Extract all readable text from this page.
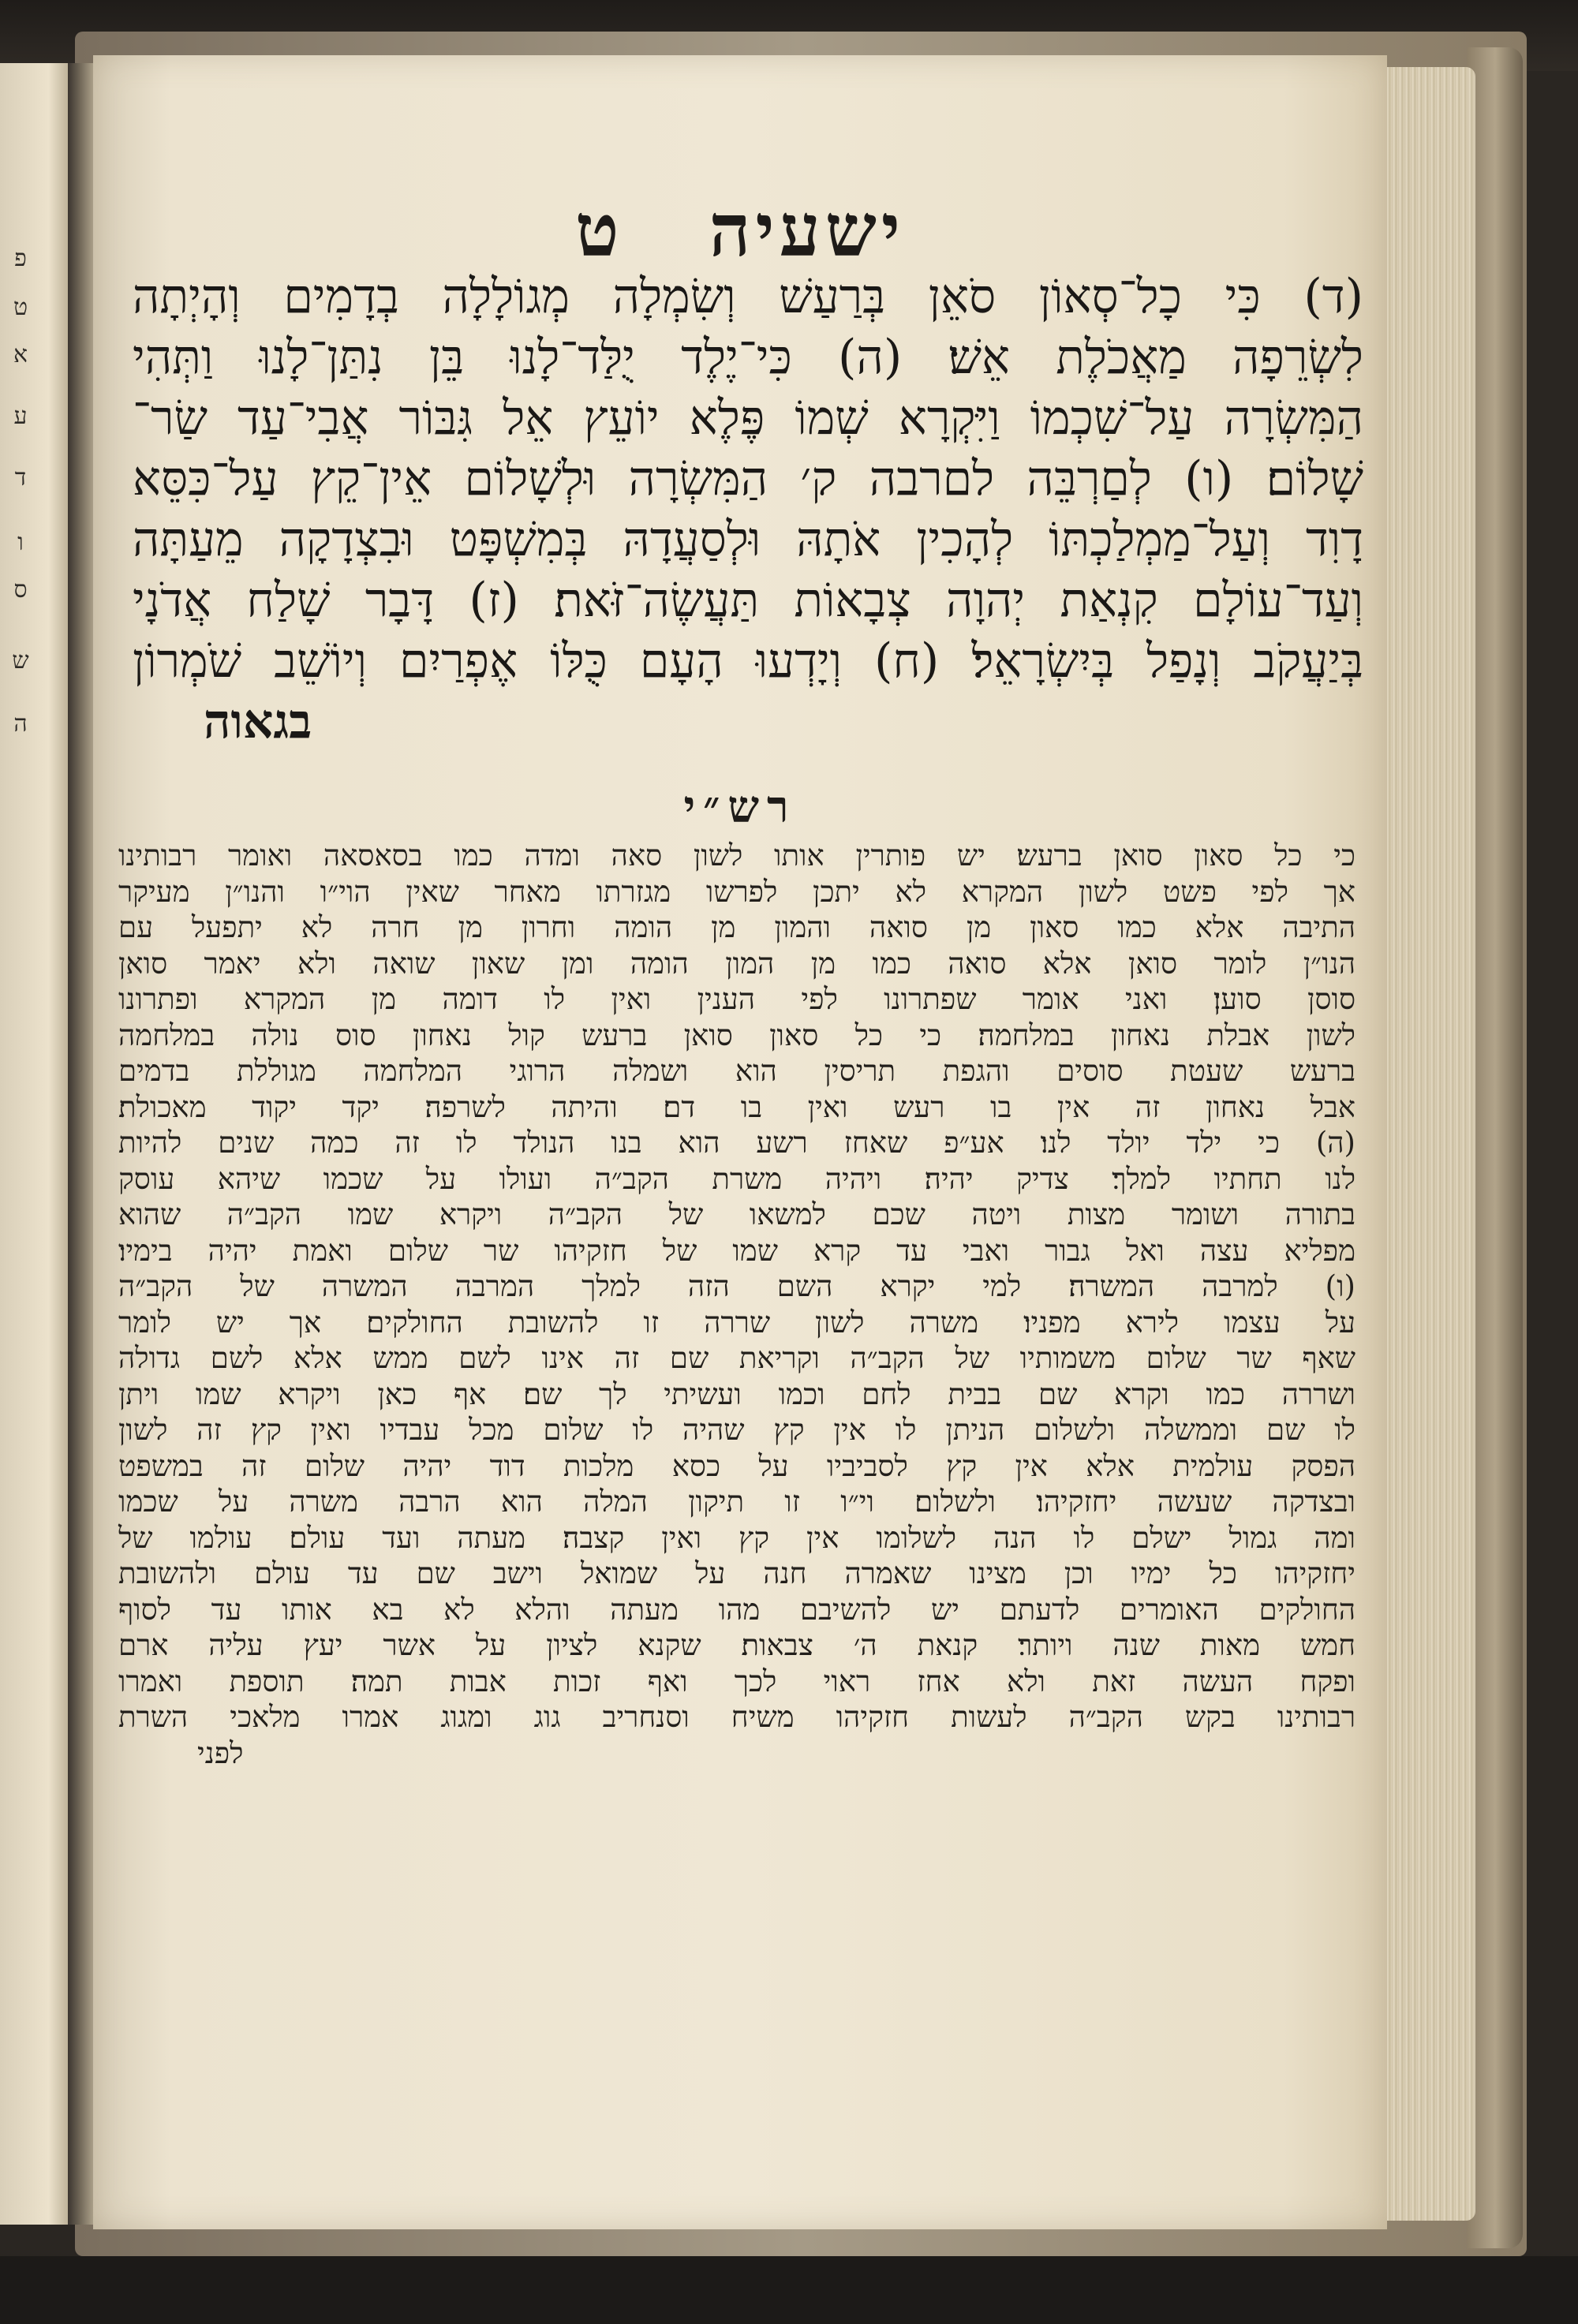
פ
ט
א
ע
ד
ו
ס
ש
ה
ישעיה ט
(ד) כִּי כָל־סְאוֹן סֹאֵן בְּרַעַשׁ וְשִׂמְלָה מְגוֹלָלָה בְדָמִים וְהָיְתָה
לִשְׂרֵפָה מַאֲכֹלֶת אֵשׁ׃ (ה) כִּי־יֶלֶד יֻלַּד־לָנוּ בֵּן נִתַּן־לָנוּ וַתְּהִי
הַמִּשְׂרָה עַל־שִׁכְמוֹ וַיִּקְרָא שְׁמוֹ פֶּלֶא יוֹעֵץ אֵל גִּבּוֹר אֲבִי־עַד שַׂר־
שָׁלוֹם׃ (ו) לְםַרְבֵּה לםרבה ק׳ הַמִּשְׂרָה וּלְשָׁלוֹם אֵין־קֵץ עַל־כִּסֵּא
דָוִד וְעַל־מַמְלַכְתּוֹ לְהָכִין אֹתָהּ וּלְסַעֲדָהּ בְּמִשְׁפָּט וּבִצְדָקָה מֵעַתָּה
וְעַד־עוֹלָם קִנְאַת יְהוָה צְבָאוֹת תַּעֲשֶׂה־זֹּאת׃ (ז) דָּבָר שָׁלַח אֲדֹנָי
בְּיַעֲקֹב וְנָפַל בְּיִשְׂרָאֵל׃ (ח) וְיָדְעוּ הָעָם כֻּלּוֹ אֶפְרַיִם וְיוֹשֵׁב שֹׁמְרוֹן
בגאוה
רש״י
כי כל סאון סואן ברעש׃ יש פותרין אותו לשון סאה ומדה כמו בסאסאה ואומר רבותינו
אך לפי פשט לשון המקרא לא יתכן לפרשו מגזרתו מאחר שאין הוי״ו והנו״ן מעיקר
התיבה אלא כמו סאון מן סואה והמון מן הומה וחרון מן חרה לא יתפעל עם
הנו״ן לומר סואן אלא סואה כמו מן המון הומה ומן שאון שואה ולא יאמר סואן
סוסן סוען׃ ואני אומר שפתרונו לפי הענין ואין לו דומה מן המקרא ופתרונו
לשון אבלת נאחון במלחמה׃ כי כל סאון סואן ברעש קול נאחון סוס נולה במלחמה
ברעש שעטת סוסים והגפת תריסין הוא ושמלה הרוגי המלחמה מגוללת בדמים
אבל נאחון זה אין בו רעש ואין בו דם׃ והיתה לשרפה׃ יקד יקוד מאכולת׃
(ה) כי ילד יולד לנו׃ אע״פ שאחז רשע הוא בנו הנולד לו זה כמה שנים להיות
לנו תחתיו למלך׃ צדיק יהיה׃ ויהיה משרת הקב״ה ועולו על שכמו שיהא עוסק
בתורה ושומר מצות ויטה שכם למשאו של הקב״ה ויקרא שמו הקב״ה שהוא
מפליא עצה ואל גבור ואבי עד קרא שמו של חזקיהו שר שלום ואמת יהיה בימיו׃
(ו) למרבה המשרה׃ למי יקרא השם הזה למלך המרבה המשרה של הקב״ה
על עצמו לירא מפניו׃ משרה לשון שררה זו להשובת החולקים׃ אך יש לומר
שאף שר שלום משמותיו של הקב״ה וקריאת שם זה אינו לשם ממש אלא לשם גדולה
ושררה כמו וקרא שם בבית לחם וכמו ועשיתי לך שם׃ אף כאן ויקרא שמו ויתן
לו שם וממשלה ולשלום הניתן לו אין קץ שהיה לו שלום מכל עבדיו ואין קץ זה לשון
הפסק עולמית אלא אין קץ לסביביו על כסא מלכות דוד יהיה שלום זה במשפט
ובצדקה שעשה יחזקיהו׃ ולשלום׃ וי״ו זו תיקון המלה הוא הרבה משרה על שכמו
ומה גמול ישלם לו הנה לשלומו אין קץ ואין קצבה׃ מעתה ועד עולם׃ עולמו של
יחזקיהו כל ימיו וכן מצינו שאמרה חנה על שמואל וישב שם עד עולם ולהשובת
החולקים האומרים לדעתם יש להשיבם מהו מעתה והלא לא בא אותו עד לסוף
חמש מאות שנה ויותר׃ קנאת ה׳ צבאות׃ שקנא לציון על אשר יעץ עליה ארם
ופקח העשה זאת ולא אחז ראוי לכך ואף זכות אבות תמה׃ תוספת ואמרו
רבותינו בקש הקב״ה לעשות חזקיהו משיח וסנחריב גוג ומגוג אמרו מלאכי השרת
לפני
